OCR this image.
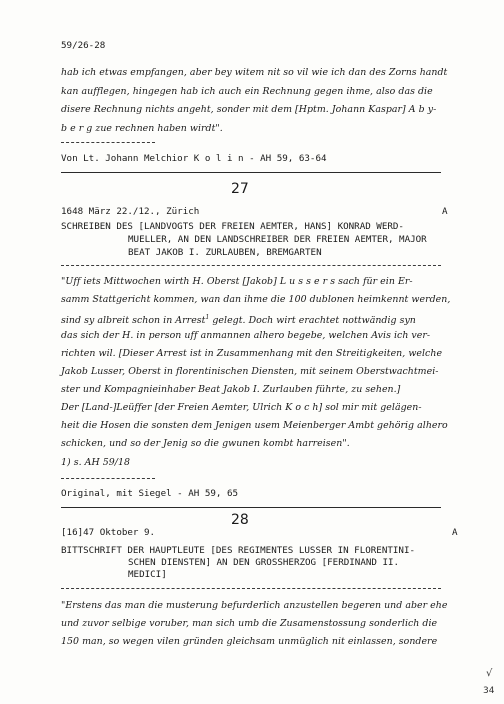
59/26-28
hab ich etwas empfangen, aber bey witem nit so vil wie ich dan des Zorns handt
kan aufflegen, hingegen hab ich auch ein Rechnung gegen ihme, also das die
disere Rechnung nichts angeht, sonder mit dem [Hptm. Johann Kaspar] A b y-
b e r g zue rechnen haben wirdt".
Von Lt. Johann Melchior K o l i n - AH 59, 63-64
27
1648 März 22./12., Zürich	A
SCHREIBEN DES [LANDVOGTS DER FREIEN AEMTER, HANS] KONRAD WERD-
MUELLER, AN DEN LANDSCHREIBER DER FREIEN AEMTER, MAJOR
BEAT JAKOB I. ZURLAUBEN, BREMGARTEN
"Uff iets Mittwochen wirth H. Oberst [Jakob] L u s s e r s sach für ein Er-
samm Stattgericht kommen, wan dan ihme die 100 dublonen heimkennt werden,
sind sy albreit schon in Arrest$^1$ gelegt. Doch wirt erachtet nottwändig syn
das sich der H. in person uff anmannen alhero begebe, welchen Avis ich ver-
richten wil. [Dieser Arrest ist in Zusammenhang mit den Streitigkeiten, welche
Jakob Lusser, Oberst in florentinischen Diensten, mit seinem Oberstwachtmei-
ster und Kompagnieinhaber Beat Jakob I. Zurlauben führte, zu sehen.]
Der [Land-]Leüffer [der Freien Aemter, Ulrich K o c h] sol mir mit gelägen-
heit die Hosen die sonsten dem Jenigen usem Meienberger Ambt gehörig alhero
schicken, und so der Jenig so die gwunen kombt harreisen".
1) s. AH 59/18
Original, mit Siegel - AH 59, 65
28
[16]47 Oktober 9.	A
BITTSCHRIFT DER HAUPTLEUTE [DES REGIMENTES LUSSER IN FLORENTINI-
SCHEN DIENSTEN] AN DEN GROSSHERZOG [FERDINAND II.
MEDICI]
"Erstens das man die musterung befurderlich anzustellen begeren und aber ehe
und zuvor selbige voruber, man sich umb die Zusamenstossung sonderlich die
150 man, so wegen vilen gründen gleichsam unmüglich nit einlassen, sondere
√
34
